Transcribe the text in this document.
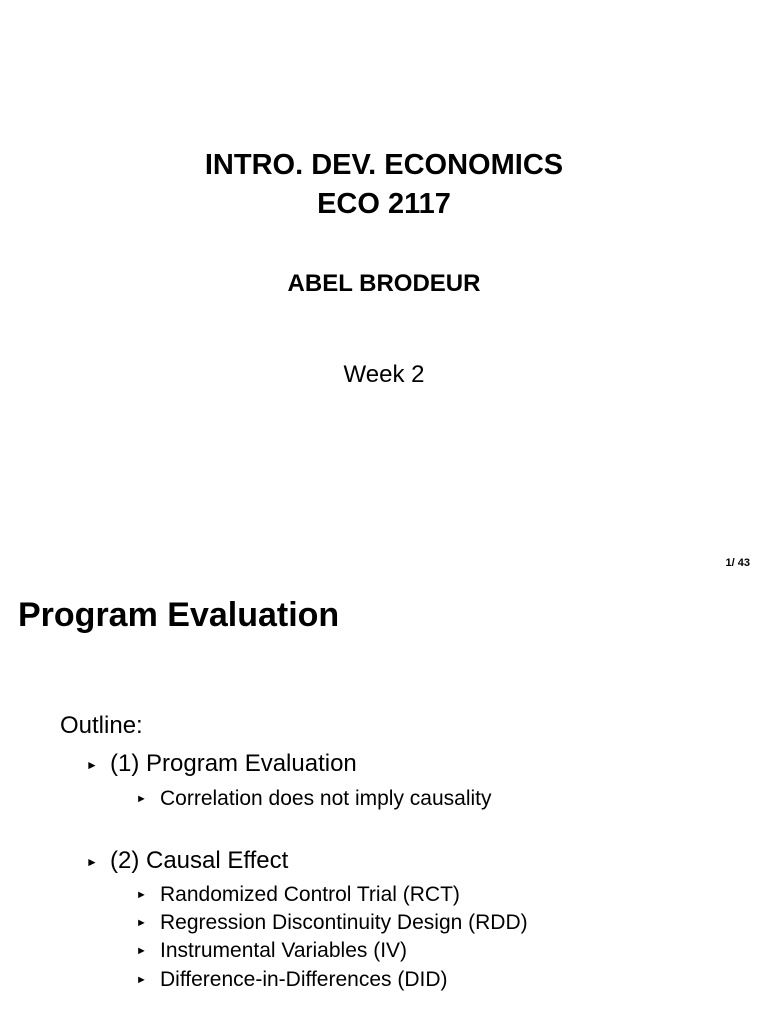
INTRO. DEV. ECONOMICS
ECO 2117
ABEL BRODEUR
Week 2
1/ 43
Program Evaluation
Outline:
► (1) Program Evaluation
► Correlation does not imply causality
► (2) Causal Effect
► Randomized Control Trial (RCT)
► Regression Discontinuity Design (RDD)
► Instrumental Variables (IV)
► Difference-in-Differences (DID)
